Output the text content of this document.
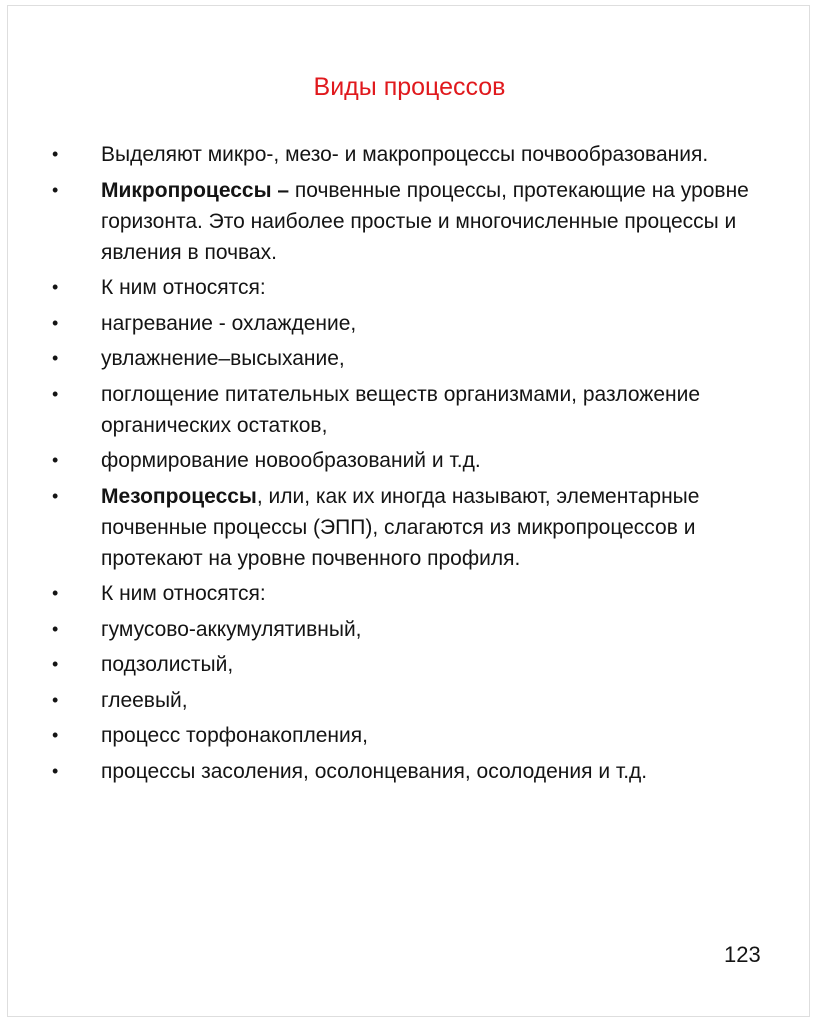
Виды процессов
• Выделяют микро-, мезо- и макропроцессы почвообразования.
• Микропроцессы – почвенные процессы, протекающие на уровне горизонта. Это наиболее простые и многочисленные процессы и явления в почвах.
• К ним относятся:
• нагревание - охлаждение,
• увлажнение–высыхание,
• поглощение питательных веществ организмами, разложение органических остатков,
• формирование новообразований и т.д.
• Мезопроцессы, или, как их иногда называют, элементарные почвенные процессы (ЭПП), слагаются из микропроцессов и протекают на уровне почвенного профиля.
• К ним относятся:
• гумусово-аккумулятивный,
• подзолистый,
• глеевый,
• процесс торфонакопления,
• процессы засоления, осолонцевания, осолодения и т.д.
123
